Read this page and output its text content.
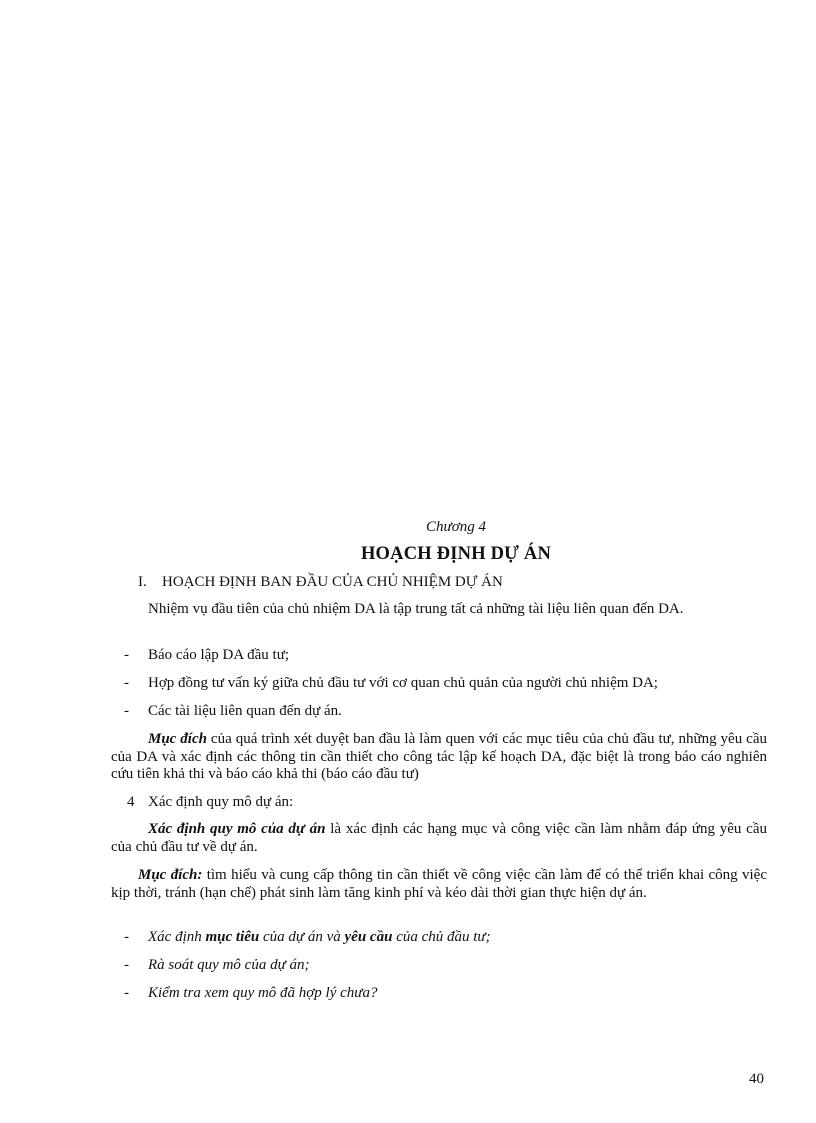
Chương 4
HOẠCH ĐỊNH DỰ ÁN
I. HOẠCH ĐỊNH BAN ĐẦU CỦA CHỦ NHIỆM DỰ ÁN
Nhiệm vụ đầu tiên của chủ nhiệm DA là tập trung tất cả những tài liệu liên quan đến DA.
- Báo cáo lập DA đầu tư;
- Hợp đồng tư vấn ký giữa chủ đầu tư với cơ quan chủ quản của người chủ nhiệm DA;
- Các tài liệu liên quan đến dự án.
Mục đích của quá trình xét duyệt ban đầu là làm quen với các mục tiêu của chủ đầu tư, những yêu cầu của DA và xác định các thông tin cần thiết cho công tác lập kế hoạch DA, đặc biệt là trong báo cáo nghiên cứu tiên khả thi và báo cáo khả thi (báo cáo đầu tư)
4 Xác định quy mô dự án:
Xác định quy mô của dự án là xác định các hạng mục và công việc cần làm nhằm đáp ứng yêu cầu của chủ đầu tư về dự án.
Mục đích: tìm hiểu và cung cấp thông tin cần thiết về công việc cần làm để có thể triển khai công việc kịp thời, tránh (hạn chế) phát sinh làm tăng kinh phí và kéo dài thời gian thực hiện dự án.
- Xác định mục tiêu của dự án và yêu cầu của chủ đầu tư;
- Rà soát quy mô của dự án;
- Kiểm tra xem quy mô đã hợp lý chưa?
40
